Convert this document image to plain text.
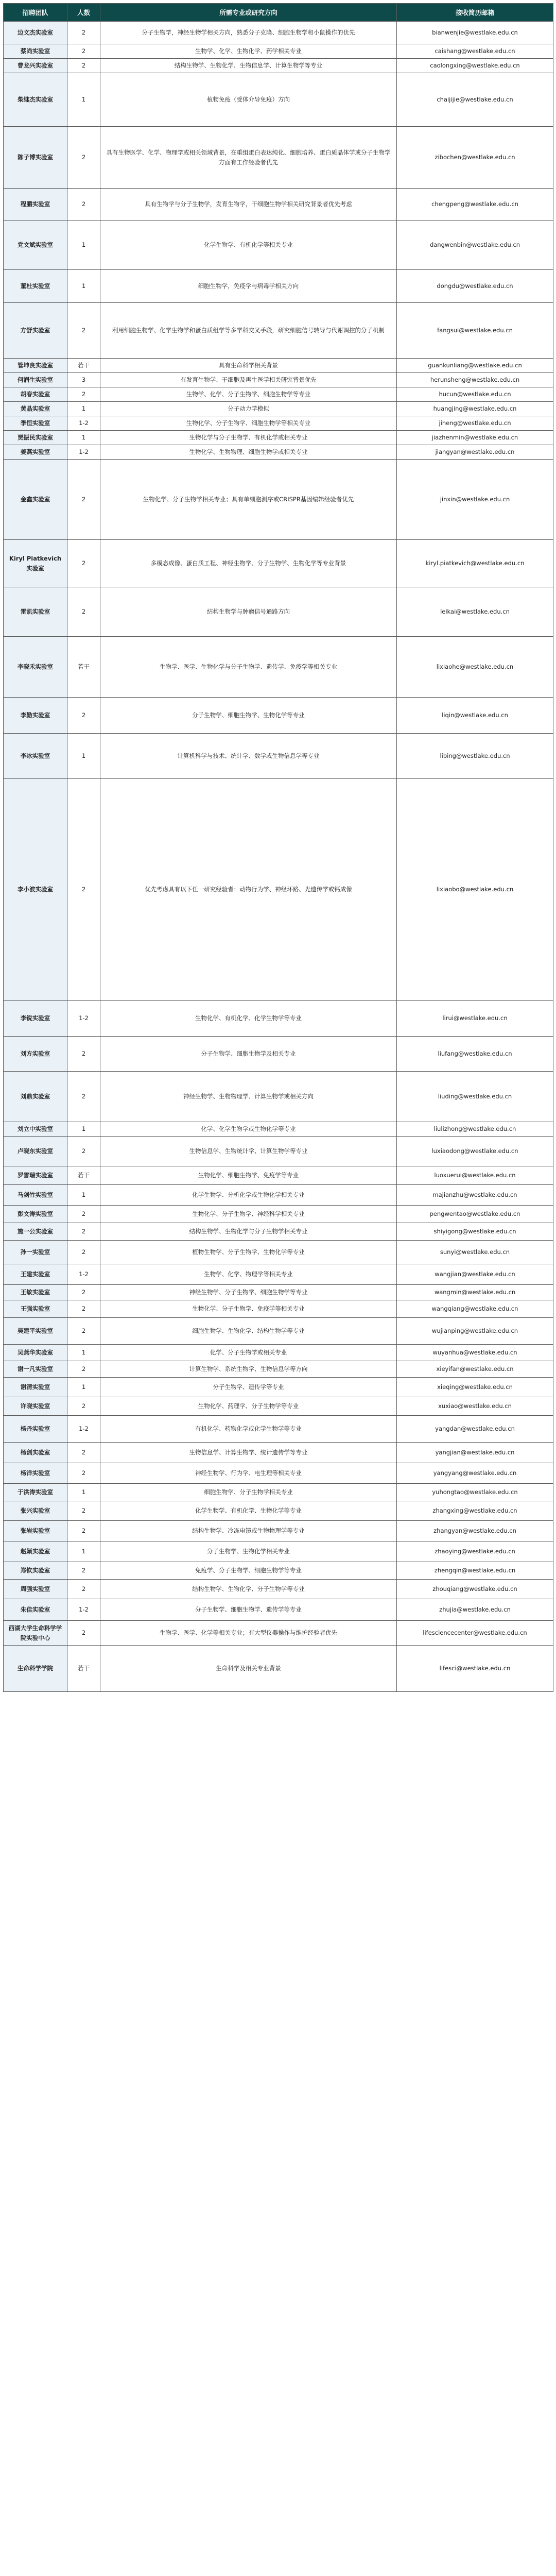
招聘团队	人数	所需专业或研究方向	接收简历邮箱
边文杰实验室	2	分子生物学，神经生物学相关方向，熟悉分子克隆、细胞生物学和小鼠操作的优先	bianwenjie@westlake.edu.cn
蔡尚实验室	2	生物学、化学、生物化学、药学相关专业	caishang@westlake.edu.cn
曹龙兴实验室	2	结构生物学、生物化学、生物信息学、计算生物学等专业	caolongxing@westlake.edu.cn
柴继杰实验室	1	植物免疫（受体介导免疫）方向	chaijijie@westlake.edu.cn
陈子博实验室	2	具有生物医学、化学、物理学或相关领域背景，在重组蛋白表达纯化、细胞培养、蛋白质晶体学或分子生物学方面有工作经验者优先	zibochen@westlake.edu.cn
程鹏实验室	2	具有生物学与分子生物学，发育生物学，干细胞生物学相关研究背景者优先考虑	chengpeng@westlake.edu.cn
党文斌实验室	1	化学生物学、有机化学等相关专业	dangwenbin@westlake.edu.cn
董杜实验室	1	细胞生物学，免疫学与病毒学相关方向	dongdu@westlake.edu.cn
方舒实验室	2	利用细胞生物学、化学生物学和蛋白质组学等多学科交叉手段，研究细胞信号转导与代谢调控的分子机制	fangsui@westlake.edu.cn
管坤良实验室	若干	具有生命科学相关背景	guankunliang@westlake.edu.cn
何润生实验室	3	有发育生物学、干细胞及再生医学相关研究背景优先	herunsheng@westlake.edu.cn
胡春实验室	2	生物学、化学、分子生物学、细胞生物学等专业	hucun@westlake.edu.cn
黄晶实验室	1	分子动力学模拟	huangjing@westlake.edu.cn
季恒实验室	1-2	生物化学、分子生物学、细胞生物学等相关专业	jiheng@westlake.edu.cn
贾振民实验室	1	生物化学与分子生物学、有机化学或相关专业	jiazhenmin@westlake.edu.cn
姜燕实验室	1-2	生物化学、生物物理、细胞生物学或相关专业	jiangyan@westlake.edu.cn
金鑫实验室	2	生物化学、分子生物学相关专业；具有单细胞测序或CRISPR基因编辑经验者优先	jinxin@westlake.edu.cn
Kiryl Piatkevich实验室	2	多模态成像、蛋白质工程、神经生物学、分子生物学、生物化学等专业背景	kiryl.piatkevich@westlake.edu.cn
雷凯实验室	2	结构生物学与肿瘤信号通路方向	leikai@westlake.edu.cn
李晓禾实验室	若干	生物学、医学、生物化学与分子生物学、遗传学、免疫学等相关专业	lixiaohe@westlake.edu.cn
李勤实验室	2	分子生物学、细胞生物学、生物化学等专业	liqin@westlake.edu.cn
李冰实验室	1	计算机科学与技术、统计学、数学或生物信息学等专业	libing@westlake.edu.cn
李小波实验室	2	优先考虑具有以下任一研究经验者：动物行为学、神经环路、光遗传学或钙成像	lixiaobo@westlake.edu.cn
李锐实验室	1-2	生物化学、有机化学、化学生物学等专业	lirui@westlake.edu.cn
刘方实验室	2	分子生物学、细胞生物学及相关专业	liufang@westlake.edu.cn
刘鼎实验室	2	神经生物学、生物物理学、计算生物学或相关方向	liuding@westlake.edu.cn
刘立中实验室	1	化学、化学生物学或生物化学等专业	liulizhong@westlake.edu.cn
卢晓东实验室	2	生物信息学、生物统计学、计算生物学等专业	luxiaodong@westlake.edu.cn
罗雪瑞实验室	若干	生物化学、细胞生物学、免疫学等专业	luoxuerui@westlake.edu.cn
马剑竹实验室	1	化学生物学、分析化学或生物化学相关专业	majianzhu@westlake.edu.cn
彭文涛实验室	2	生物化学、分子生物学、神经科学相关专业	pengwentao@westlake.edu.cn
施一公实验室	2	结构生物学、生物化学与分子生物学相关专业	shiyigong@westlake.edu.cn
孙一实验室	2	植物生物学、分子生物学、生物化学等专业	sunyi@westlake.edu.cn
王建实验室	1-2	生物学、化学、物理学等相关专业	wangjian@westlake.edu.cn
王敏实验室	2	神经生物学、分子生物学、细胞生物学等专业	wangmin@westlake.edu.cn
王强实验室	2	生物化学、分子生物学、免疫学等相关专业	wangqiang@westlake.edu.cn
吴建平实验室	2	细胞生物学、生物化学、结构生物学等专业	wujianping@westlake.edu.cn
吴燕华实验室	1	化学、分子生物学或相关专业	wuyanhua@westlake.edu.cn
谢一凡实验室	2	计算生物学、系统生物学、生物信息学等方向	xieyifan@westlake.edu.cn
谢清实验室	1	分子生物学、遗传学等专业	xieqing@westlake.edu.cn
许晓实验室	2	生物化学、药理学、分子生物学等专业	xuxiao@westlake.edu.cn
杨丹实验室	1-2	有机化学、药物化学或化学生物学等专业	yangdan@westlake.edu.cn
杨剑实验室	2	生物信息学、计算生物学、统计遗传学等专业	yangjian@westlake.edu.cn
杨洋实验室	2	神经生物学、行为学、电生理等相关专业	yangyang@westlake.edu.cn
于洪涛实验室	1	细胞生物学、分子生物学相关专业	yuhongtao@westlake.edu.cn
张兴实验室	2	化学生物学、有机化学、生物化学等专业	zhangxing@westlake.edu.cn
张岩实验室	2	结构生物学、冷冻电镜或生物物理学等专业	zhangyan@westlake.edu.cn
赵颖实验室	1	分子生物学、生物化学相关专业	zhaoying@westlake.edu.cn
郑钦实验室	2	免疫学、分子生物学、细胞生物学等专业	zhengqin@westlake.edu.cn
周强实验室	2	结构生物学、生物化学、分子生物学等专业	zhouqiang@westlake.edu.cn
朱佳实验室	1-2	分子生物学、细胞生物学、遗传学等专业	zhujia@westlake.edu.cn
西湖大学生命科学学院实验中心	2	生物学、医学、化学等相关专业；有大型仪器操作与维护经验者优先	lifesciencecenter@westlake.edu.cn
生命科学学院	若干	生命科学及相关专业背景	lifesci@westlake.edu.cn
